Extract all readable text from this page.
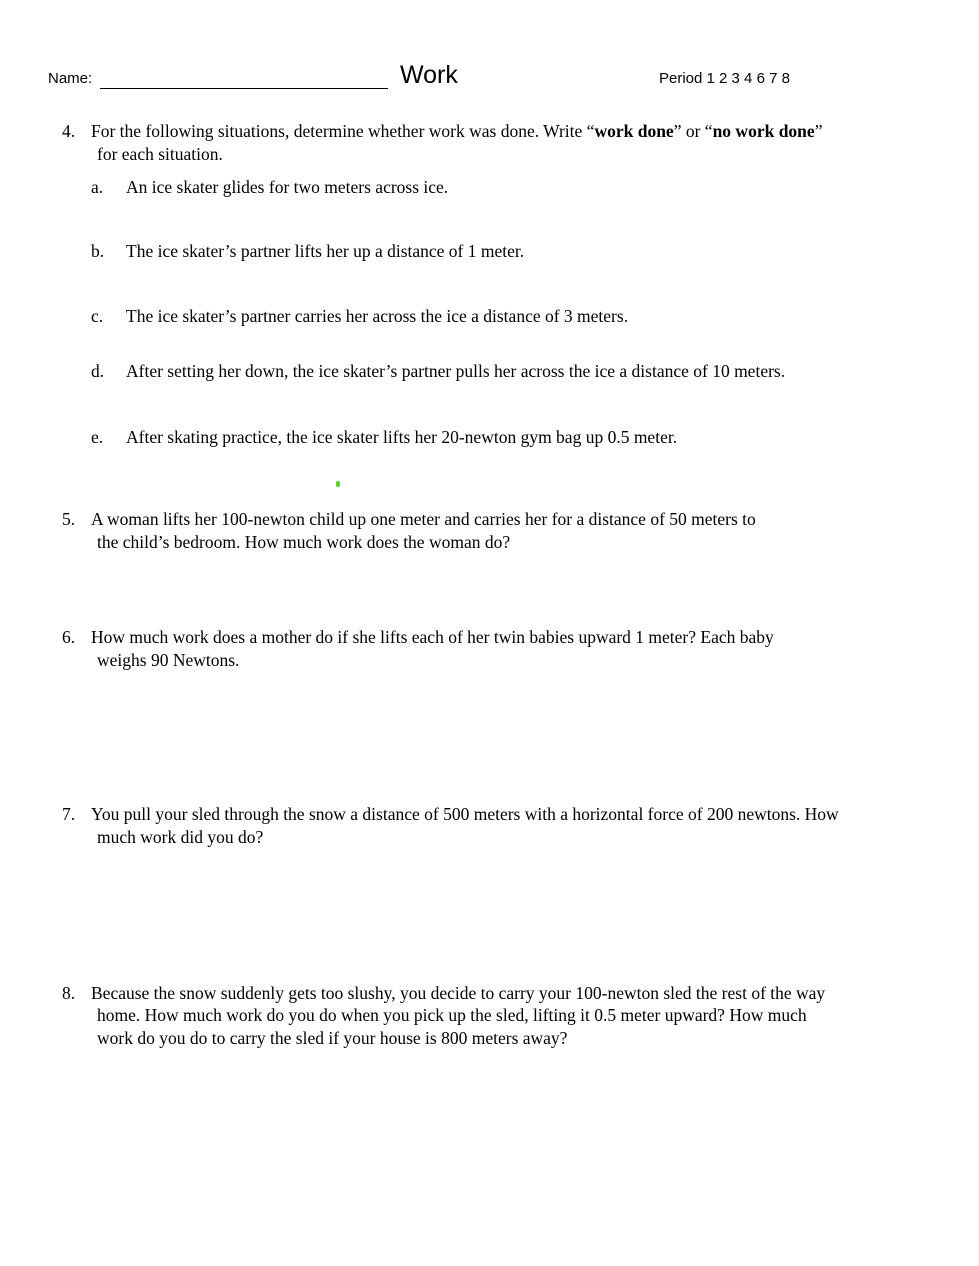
Name:	Work	Period 1 2 3 4 6 7 8
4. For the following situations, determine whether work was done. Write “work done” or “no work done”
for each situation.
a. An ice skater glides for two meters across ice.
b. The ice skater’s partner lifts her up a distance of 1 meter.
c. The ice skater’s partner carries her across the ice a distance of 3 meters.
d. After setting her down, the ice skater’s partner pulls her across the ice a distance of 10 meters.
e. After skating practice, the ice skater lifts her 20-newton gym bag up 0.5 meter.
5. A woman lifts her 100-newton child up one meter and carries her for a distance of 50 meters to
the child’s bedroom. How much work does the woman do?
6. How much work does a mother do if she lifts each of her twin babies upward 1 meter? Each baby
weighs 90 Newtons.
7. You pull your sled through the snow a distance of 500 meters with a horizontal force of 200 newtons. How
much work did you do?
8. Because the snow suddenly gets too slushy, you decide to carry your 100-newton sled the rest of the way
home. How much work do you do when you pick up the sled, lifting it 0.5 meter upward? How much
work do you do to carry the sled if your house is 800 meters away?
